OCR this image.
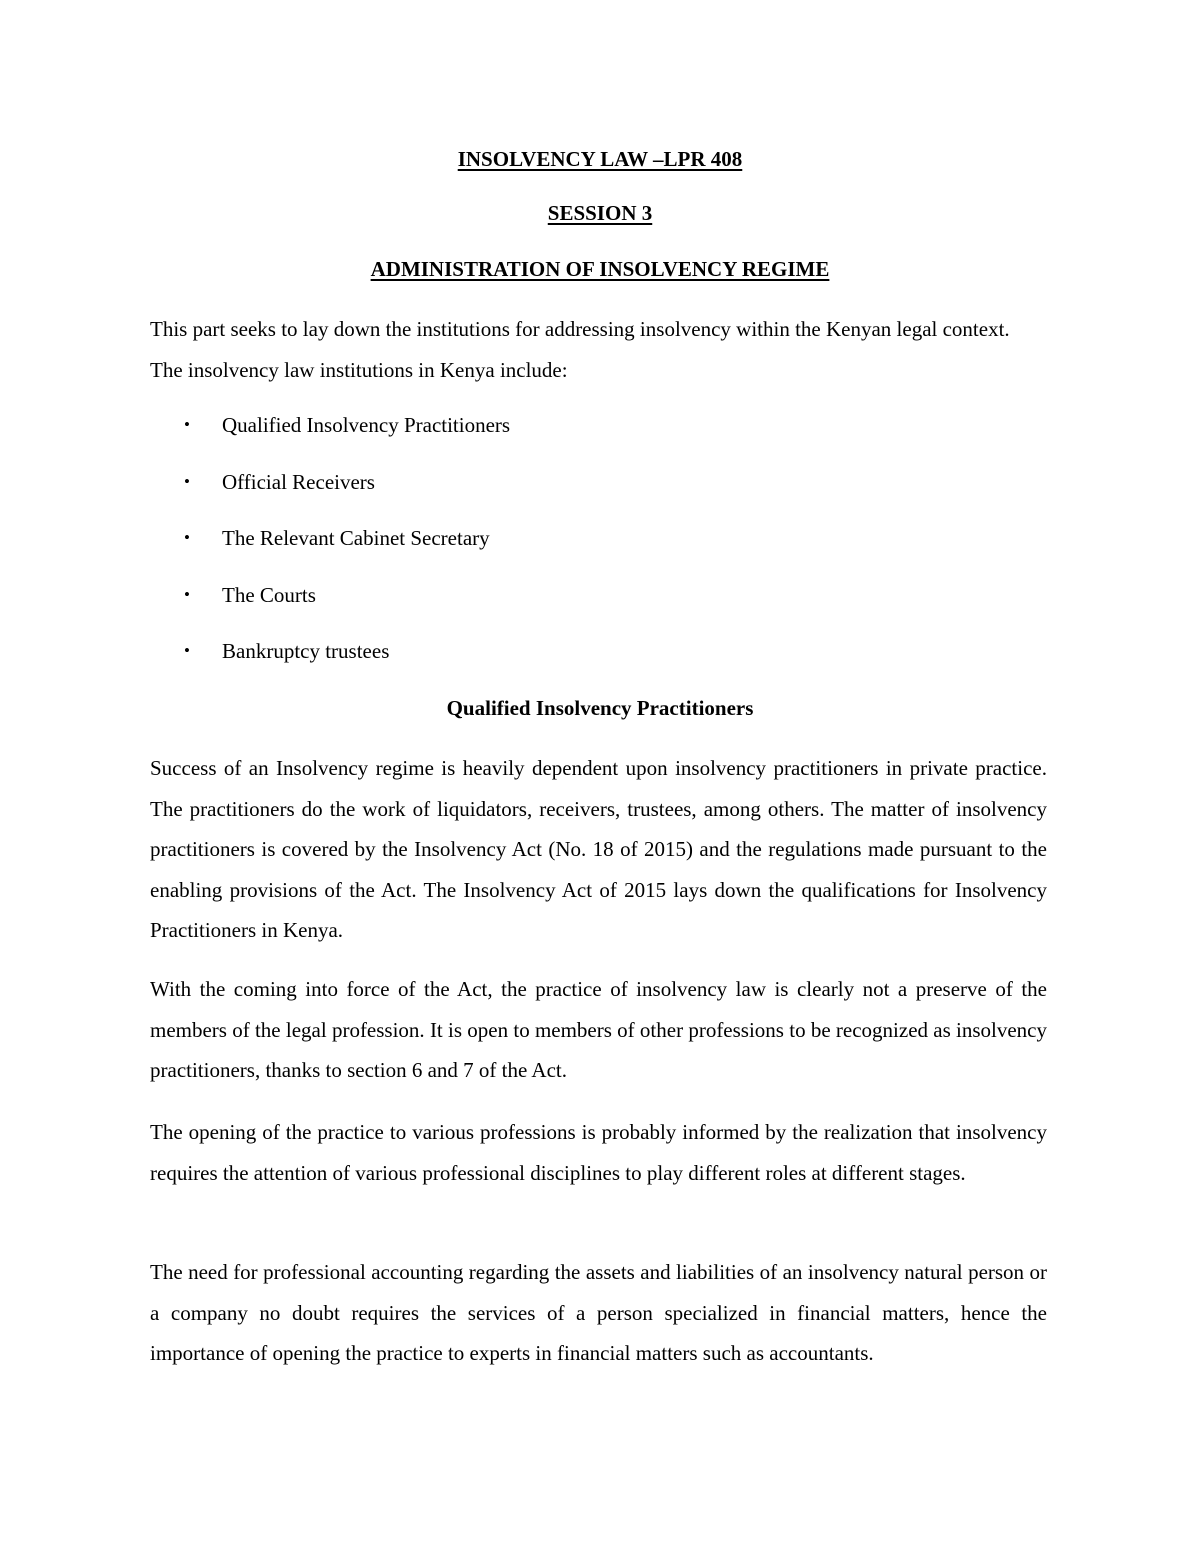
INSOLVENCY LAW –LPR 408

SESSION 3

ADMINISTRATION OF INSOLVENCY REGIME

This part seeks to lay down the institutions for addressing insolvency within the Kenyan legal context. The insolvency law institutions in Kenya include:

• Qualified Insolvency Practitioners
• Official Receivers
• The Relevant Cabinet Secretary
• The Courts
• Bankruptcy trustees

Qualified Insolvency Practitioners

Success of an Insolvency regime is heavily dependent upon insolvency practitioners in private practice. The practitioners do the work of liquidators, receivers, trustees, among others. The matter of insolvency practitioners is covered by the Insolvency Act (No. 18 of 2015) and the regulations made pursuant to the enabling provisions of the Act. The Insolvency Act of 2015 lays down the qualifications for Insolvency Practitioners in Kenya.

With the coming into force of the Act, the practice of insolvency law is clearly not a preserve of the members of the legal profession. It is open to members of other professions to be recognized as insolvency practitioners, thanks to section 6 and 7 of the Act.

The opening of the practice to various professions is probably informed by the realization that insolvency requires the attention of various professional disciplines to play different roles at different stages.

The need for professional accounting regarding the assets and liabilities of an insolvency natural person or a company no doubt requires the services of a person specialized in financial matters, hence the importance of opening the practice to experts in financial matters such as accountants.
